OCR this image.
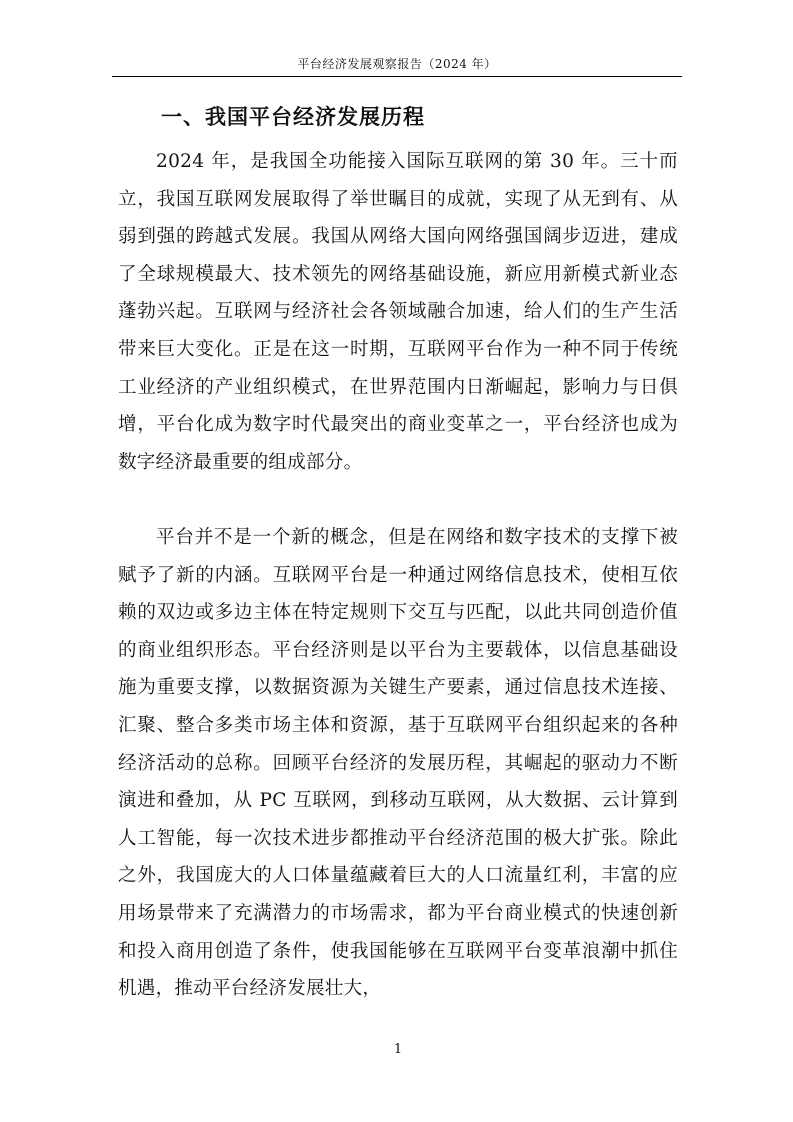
平台经济发展观察报告（2024 年）
一、我国平台经济发展历程

2024 年，是我国全功能接入国际互联网的第 30 年。三十而立，我国互联网发展取得了举世瞩目的成就，实现了从无到有、从弱到强的跨越式发展。我国从网络大国向网络强国阔步迈进，建成了全球规模最大、技术领先的网络基础设施，新应用新模式新业态蓬勃兴起。互联网与经济社会各领域融合加速，给人们的生产生活带来巨大变化。正是在这一时期，互联网平台作为一种不同于传统工业经济的产业组织模式，在世界范围内日渐崛起，影响力与日俱增，平台化成为数字时代最突出的商业变革之一，平台经济也成为数字经济最重要的组成部分。

平台并不是一个新的概念，但是在网络和数字技术的支撑下被赋予了新的内涵。互联网平台是一种通过网络信息技术，使相互依赖的双边或多边主体在特定规则下交互与匹配，以此共同创造价值的商业组织形态。平台经济则是以平台为主要载体，以信息基础设施为重要支撑，以数据资源为关键生产要素，通过信息技术连接、汇聚、整合多类市场主体和资源，基于互联网平台组织起来的各种经济活动的总称。回顾平台经济的发展历程，其崛起的驱动力不断演进和叠加，从 PC 互联网，到移动互联网，从大数据、云计算到人工智能，每一次技术进步都推动平台经济范围的极大扩张。除此之外，我国庞大的人口体量蕴藏着巨大的人口流量红利，丰富的应用场景带来了充满潜力的市场需求，都为平台商业模式的快速创新和投入商用创造了条件，使我国能够在互联网平台变革浪潮中抓住机遇，推动平台经济发展壮大，

1
